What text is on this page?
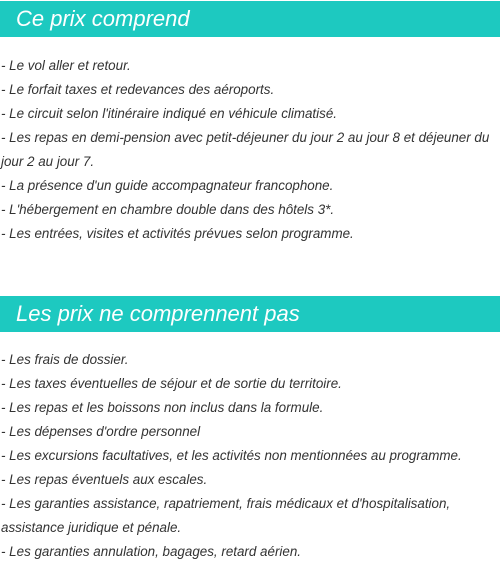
Ce prix comprend
- Le vol aller et retour.
- Le forfait taxes et redevances des aéroports.
- Le circuit selon l'itinéraire indiqué en véhicule climatisé.
- Les repas en demi-pension avec petit-déjeuner du jour 2 au jour 8 et déjeuner du jour 2 au jour 7.
- La présence d'un guide accompagnateur francophone.
- L'hébergement en chambre double dans des hôtels 3*.
- Les entrées, visites et activités prévues selon programme.
Les prix ne comprennent pas
- Les frais de dossier.
- Les taxes éventuelles de séjour et de sortie du territoire.
- Les repas et les boissons non inclus dans la formule.
- Les dépenses d'ordre personnel
- Les excursions facultatives, et les activités non mentionnées au programme.
- Les repas éventuels aux escales.
- Les garanties assistance, rapatriement, frais médicaux et d'hospitalisation, assistance juridique et pénale.
- Les garanties annulation, bagages, retard aérien.
